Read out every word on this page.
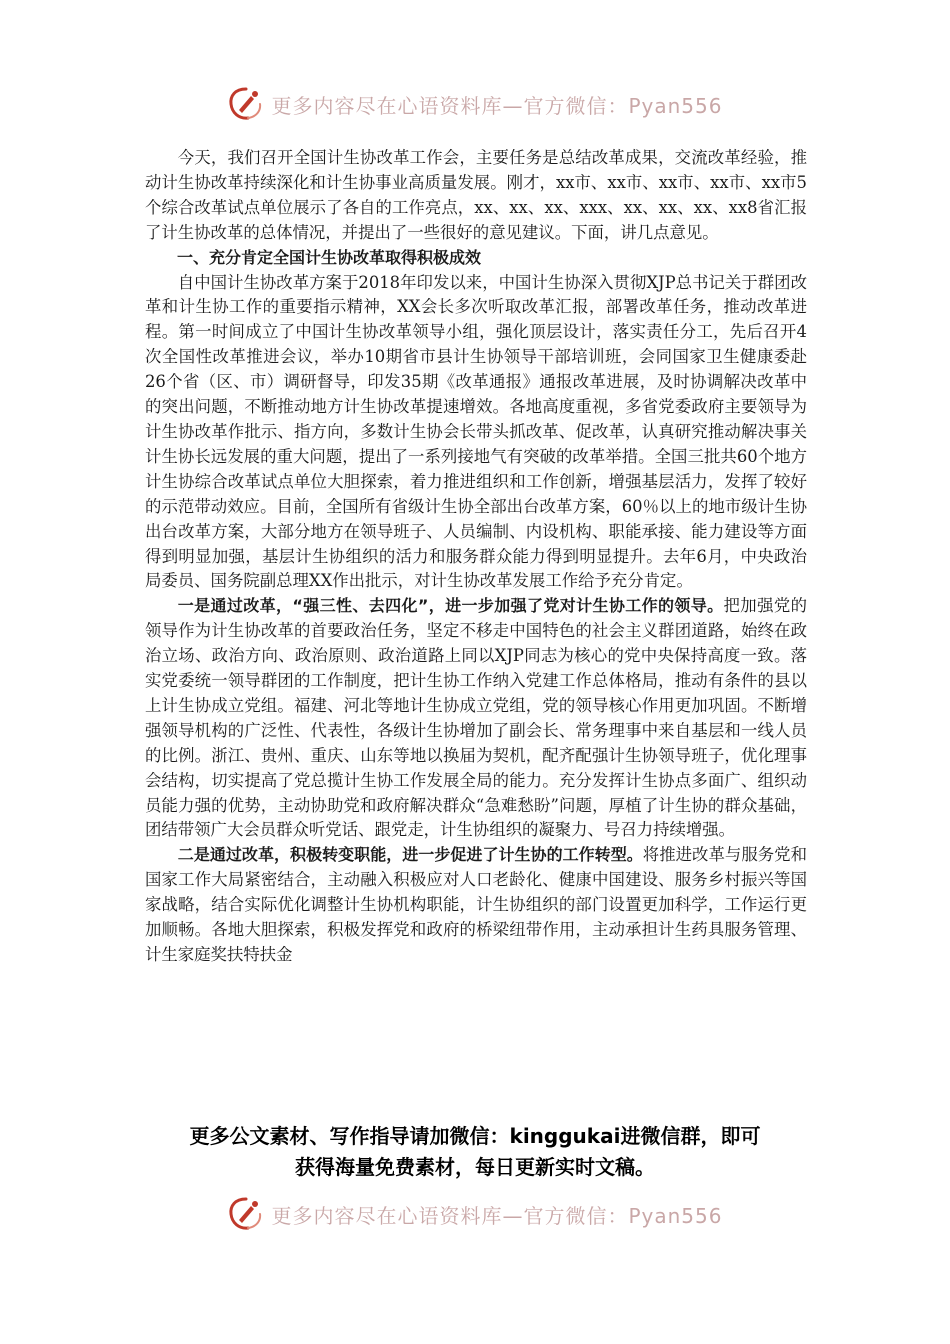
更多内容尽在心语资料库—官方微信：Pyan556

今天，我们召开全国计生协改革工作会，主要任务是总结改革成果，交流改革经验，推动计生协改革持续深化和计生协事业高质量发展。刚才，xx市、xx市、xx市、xx市、xx市5个综合改革试点单位展示了各自的工作亮点，xx、xx、xx、xxx、xx、xx、xx、xx8省汇报了计生协改革的总体情况，并提出了一些很好的意见建议。下面，讲几点意见。

一、充分肯定全国计生协改革取得积极成效

自中国计生协改革方案于2018年印发以来，中国计生协深入贯彻XJP总书记关于群团改革和计生协工作的重要指示精神，XX会长多次听取改革汇报，部署改革任务，推动改革进程。第一时间成立了中国计生协改革领导小组，强化顶层设计，落实责任分工，先后召开4次全国性改革推进会议，举办10期省市县计生协领导干部培训班，会同国家卫生健康委赴26个省（区、市）调研督导，印发35期《改革通报》通报改革进展，及时协调解决改革中的突出问题，不断推动地方计生协改革提速增效。各地高度重视，多省党委政府主要领导为计生协改革作批示、指方向，多数计生协会长带头抓改革、促改革，认真研究推动解决事关计生协长远发展的重大问题，提出了一系列接地气有突破的改革举措。全国三批共60个地方计生协综合改革试点单位大胆探索，着力推进组织和工作创新，增强基层活力，发挥了较好的示范带动效应。目前，全国所有省级计生协全部出台改革方案，60％以上的地市级计生协出台改革方案，大部分地方在领导班子、人员编制、内设机构、职能承接、能力建设等方面得到明显加强，基层计生协组织的活力和服务群众能力得到明显提升。去年6月，中央政治局委员、国务院副总理XX作出批示，对计生协改革发展工作给予充分肯定。

一是通过改革，“强三性、去四化”，进一步加强了党对计生协工作的领导。把加强党的领导作为计生协改革的首要政治任务，坚定不移走中国特色的社会主义群团道路，始终在政治立场、政治方向、政治原则、政治道路上同以XJP同志为核心的党中央保持高度一致。落实党委统一领导群团的工作制度，把计生协工作纳入党建工作总体格局，推动有条件的县以上计生协成立党组。福建、河北等地计生协成立党组，党的领导核心作用更加巩固。不断增强领导机构的广泛性、代表性，各级计生协增加了副会长、常务理事中来自基层和一线人员的比例。浙江、贵州、重庆、山东等地以换届为契机，配齐配强计生协领导班子，优化理事会结构，切实提高了党总揽计生协工作发展全局的能力。充分发挥计生协点多面广、组织动员能力强的优势，主动协助党和政府解决群众“急难愁盼”问题，厚植了计生协的群众基础，团结带领广大会员群众听党话、跟党走，计生协组织的凝聚力、号召力持续增强。

二是通过改革，积极转变职能，进一步促进了计生协的工作转型。将推进改革与服务党和国家工作大局紧密结合，主动融入积极应对人口老龄化、健康中国建设、服务乡村振兴等国家战略，结合实际优化调整计生协机构职能，计生协组织的部门设置更加科学，工作运行更加顺畅。各地大胆探索，积极发挥党和政府的桥梁纽带作用，主动承担计生药具服务管理、计生家庭奖扶特扶金

更多公文素材、写作指导请加微信：kinggukai进微信群，即可
获得海量免费素材，每日更新实时文稿。
更多内容尽在心语资料库—官方微信：Pyan556
